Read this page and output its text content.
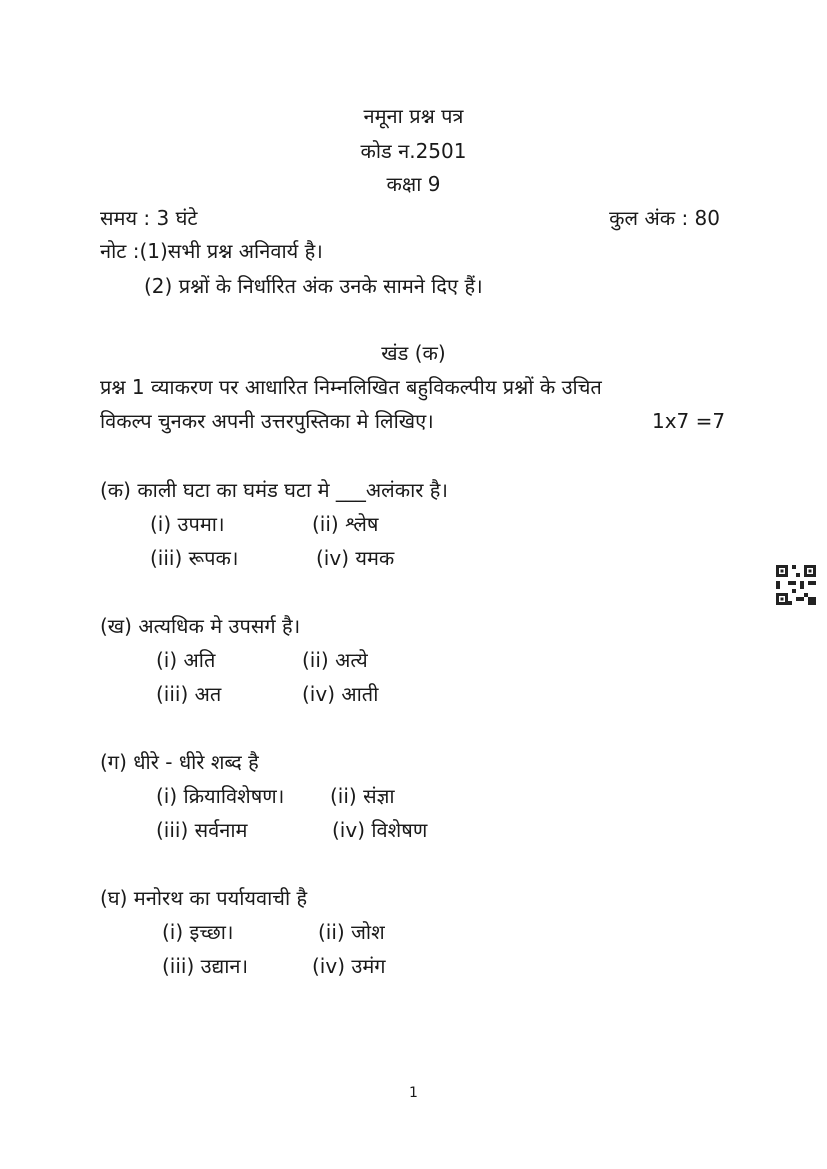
नमूना प्रश्न पत्र
कोड न.2501
कक्षा 9
समय : 3 घंटे	कुल अंक : 80
नोट :(1)सभी प्रश्न अनिवार्य है।
(2) प्रश्नों के निर्धारित अंक उनके सामने दिए हैं।
खंड (क)
प्रश्न 1 व्याकरण पर आधारित निम्नलिखित बहुविकल्पीय प्रश्नों के उचित
विकल्प चुनकर अपनी उत्तरपुस्तिका मे लिखिए।	1x7 =7
(क) काली घटा का घमंड घटा मे ___अलंकार है।
(i) उपमा।	(ii) श्लेष
(iii) रूपक।	(iv) यमक
(ख) अत्यधिक मे उपसर्ग है।
(i) अति	(ii) अत्ये
(iii) अत	(iv) आती
(ग) धीरे - धीरे शब्द है
(i) क्रियाविशेषण। (ii) संज्ञा
(iii) सर्वनाम	(iv) विशेषण
(घ) मनोरथ का पर्यायवाची है
(i) इच्छा।	(ii) जोश
(iii) उद्यान।	(iv) उमंग
1
